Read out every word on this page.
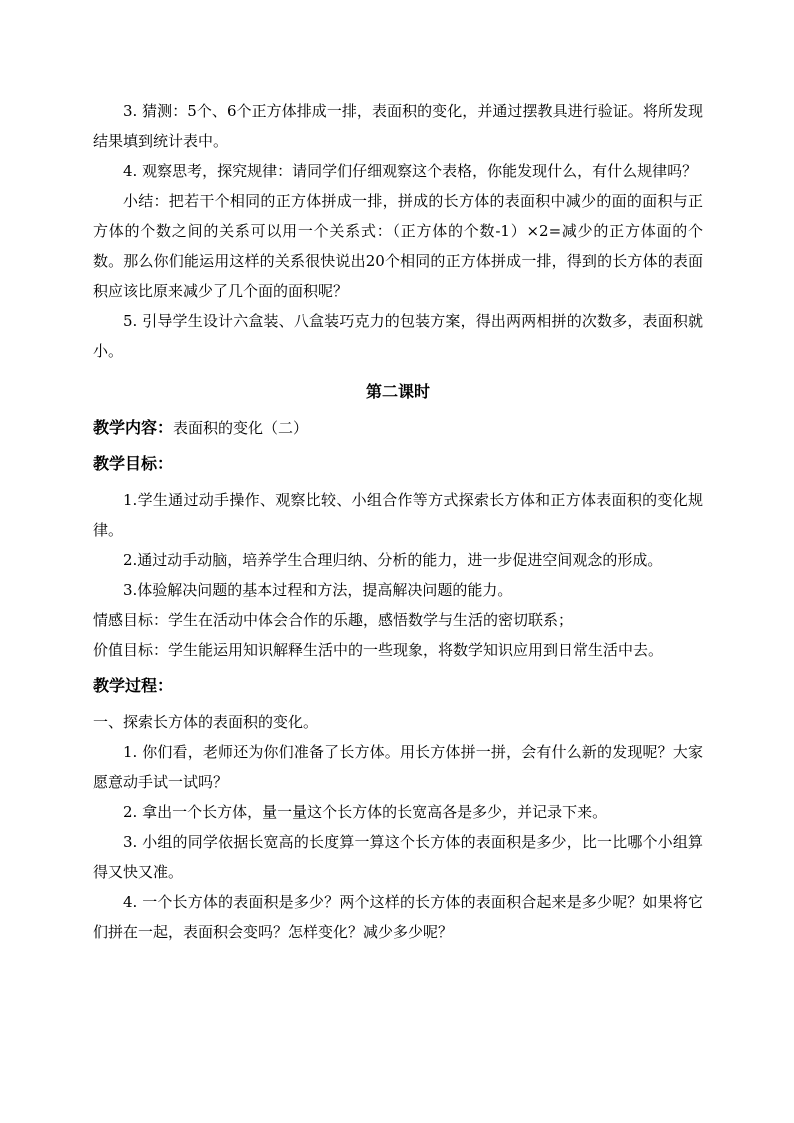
3. 猜测：5个、6个正方体排成一排，表面积的变化，并通过摆教具进行验证。将所发现结果填到统计表中。

4. 观察思考，探究规律：请同学们仔细观察这个表格，你能发现什么，有什么规律吗？

小结：把若干个相同的正方体拼成一排，拼成的长方体的表面积中减少的面的面积与正方体的个数之间的关系可以用一个关系式：（正方体的个数-1）×2=减少的正方体面的个数。那么你们能运用这样的关系很快说出20个相同的正方体拼成一排，得到的长方体的表面积应该比原来减少了几个面的面积呢？

5. 引导学生设计六盒装、八盒装巧克力的包装方案，得出两两相拼的次数多，表面积就小。

第二课时
教学内容：表面积的变化（二）
教学目标：

1.学生通过动手操作、观察比较、小组合作等方式探索长方体和正方体表面积的变化规律。

2.通过动手动脑，培养学生合理归纳、分析的能力，进一步促进空间观念的形成。

3.体验解决问题的基本过程和方法，提高解决问题的能力。

情感目标：学生在活动中体会合作的乐趣，感悟数学与生活的密切联系；

价值目标：学生能运用知识解释生活中的一些现象，将数学知识应用到日常生活中去。

教学过程：

一、探索长方体的表面积的变化。

1. 你们看，老师还为你们准备了长方体。用长方体拼一拼，会有什么新的发现呢？大家愿意动手试一试吗？

2. 拿出一个长方体，量一量这个长方体的长宽高各是多少，并记录下来。

3. 小组的同学依据长宽高的长度算一算这个长方体的表面积是多少，比一比哪个小组算得又快又准。

4. 一个长方体的表面积是多少？两个这样的长方体的表面积合起来是多少呢？如果将它们拼在一起，表面积会变吗？怎样变化？减少多少呢？
